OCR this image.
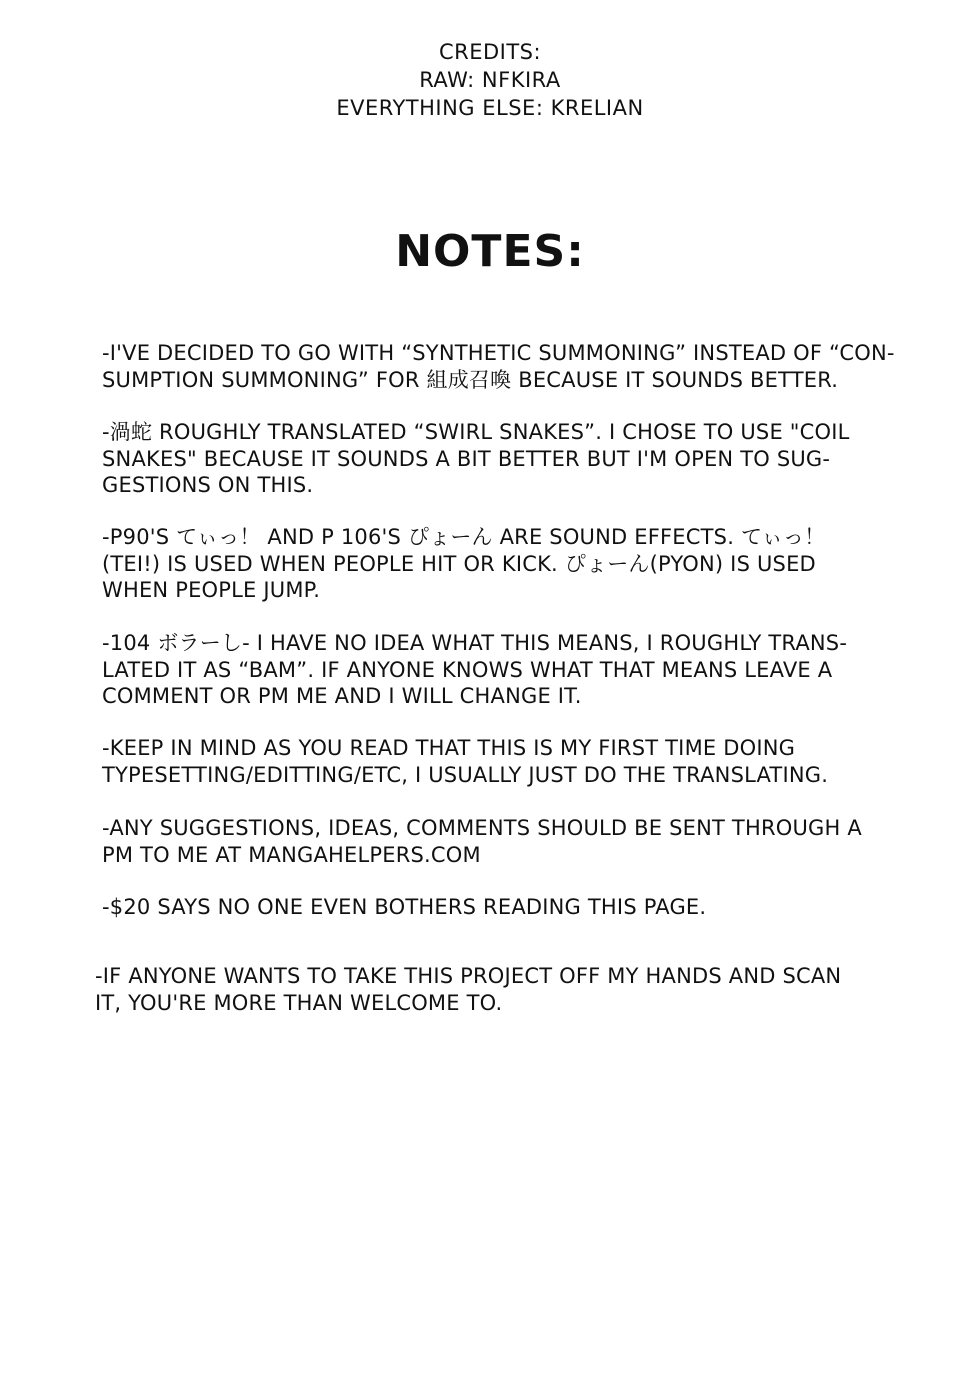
CREDITS:
RAW: NFKIRA
EVERYTHING ELSE: KRELIAN
NOTES:
-I'VE DECIDED TO GO WITH “SYNTHETIC SUMMONING” INSTEAD OF “CON-
SUMPTION SUMMONING” FOR 組成召喚 BECAUSE IT SOUNDS BETTER.
-渦蛇 ROUGHLY TRANSLATED “SWIRL SNAKES”. I CHOSE TO USE "COIL
SNAKES" BECAUSE IT SOUNDS A BIT BETTER BUT I'M OPEN TO SUG-
GESTIONS ON THIS.
-P90'S てぃっ！ AND P 106'S ぴょーん ARE SOUND EFFECTS. てぃっ！
(TEI!) IS USED WHEN PEOPLE HIT OR KICK. ぴょーん(PYON) IS USED
WHEN PEOPLE JUMP.
-104 ボラーし- I HAVE NO IDEA WHAT THIS MEANS, I ROUGHLY TRANS-
LATED IT AS “BAM”. IF ANYONE KNOWS WHAT THAT MEANS LEAVE A
COMMENT OR PM ME AND I WILL CHANGE IT.
-KEEP IN MIND AS YOU READ THAT THIS IS MY FIRST TIME DOING
TYPESETTING/EDITTING/ETC, I USUALLY JUST DO THE TRANSLATING.
-ANY SUGGESTIONS, IDEAS, COMMENTS SHOULD BE SENT THROUGH A
PM TO ME AT MANGAHELPERS.COM
-$20 SAYS NO ONE EVEN BOTHERS READING THIS PAGE.
-IF ANYONE WANTS TO TAKE THIS PROJECT OFF MY HANDS AND SCAN
IT, YOU'RE MORE THAN WELCOME TO.
